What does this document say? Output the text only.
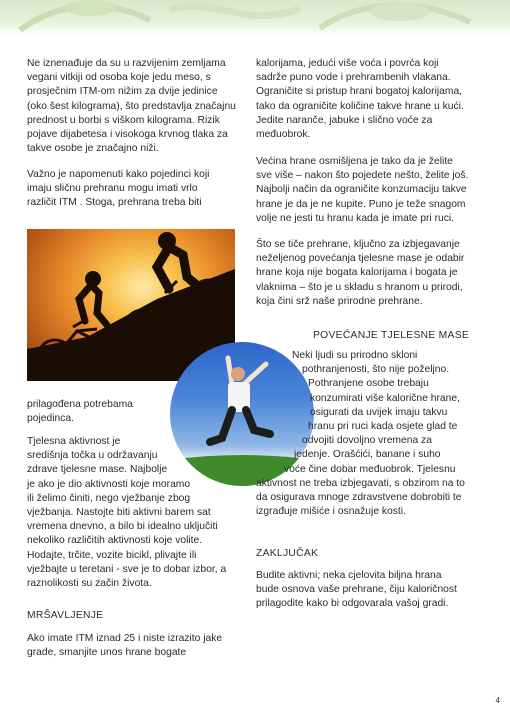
Ne iznenađuje da su u razvijenim zemljama
vegani vitkiji od osoba koje jedu meso, s
prosječnim ITM-om nižim za dvije jedinice
(oko šest kilograma), što predstavlja značajnu
prednost u borbi s viškom kilograma. Rizik
pojave dijabetesa i visokoga krvnog tlaka za
takve osobe je značajno niži.
Važno je napomenuti kako pojedinci koji
imaju sličnu prehranu mogu imati vrlo
različit ITM . Stoga, prehrana treba biti
prilagođena potrebama
pojedinca.
Tjelesna aktivnost je
središnja točka u održavanju
zdrave tjelesne mase. Najbolje
je ako je dio aktivnosti koje moramo
ili želimo činiti, nego vježbanje zbog
vježbanja. Nastojte biti aktivni barem sat
vremena dnevno, a bilo bi idealno uključiti
nekoliko različitih aktivnosti koje volite.
Hodajte, trčite, vozite bicikl, plivajte ili
vježbajte u teretani - sve je to dobar izbor, a
raznolikosti su začin života.
MRŠAVLJENJE
Ako imate ITM iznad 25 i niste izrazito jake
grade, smanjite unos hrane bogate
kalorijama, jedući više voća i povrća koji
sadrže puno vode i prehrambenih vlakana.
Ograničite si pristup hrani bogatoj kalorijama,
tako da ograničite količine takve hrane u kući.
Jedite naranče, jabuke i slično voće za
međuobrok.
Većina hrane osmišljena je tako da je želite
sve više – nakon što pojedete nešto, želite još.
Najbolji način da ograničite konzumaciju takve
hrane je da je ne kupite. Puno je teže snagom
volje ne jesti tu hranu kada je imate pri ruci.
Što se tiče prehrane, ključno za izbjegavanje
neželjenog povećanja tjelesne mase je odabir
hrane koja nije bogata kalorijama i bogata je
vlaknima – što je u skladu s hranom u prirodi,
koja čini srž naše prirodne prehrane.
POVEĆANJE TJELESNE MASE
Neki ljudi su prirodno skloni
pothranjenosti, što nije poželjno.
Pothranjene osobe trebaju
konzumirati više kalorične hrane,
osigurati da uvijek imaju takvu
hranu pri ruci kada osjete glad te
odvojiti dovoljno vremena za
jedenje. Orašćići, banane i suho
voće čine dobar međuobrok. Tjelesnu
aktivnost ne treba izbjegavati, s obzirom na to
da osigurava mnoge zdravstvene dobrobiti te
izgrađuje mišiće i osnažuje kosti.
ZAKLJUČAK
Budite aktivni; neka cjelovita biljna hrana
bude osnova vaše prehrane, čiju kaloričnost
prilagodite kako bi odgovarala vašoj gradi.
4
